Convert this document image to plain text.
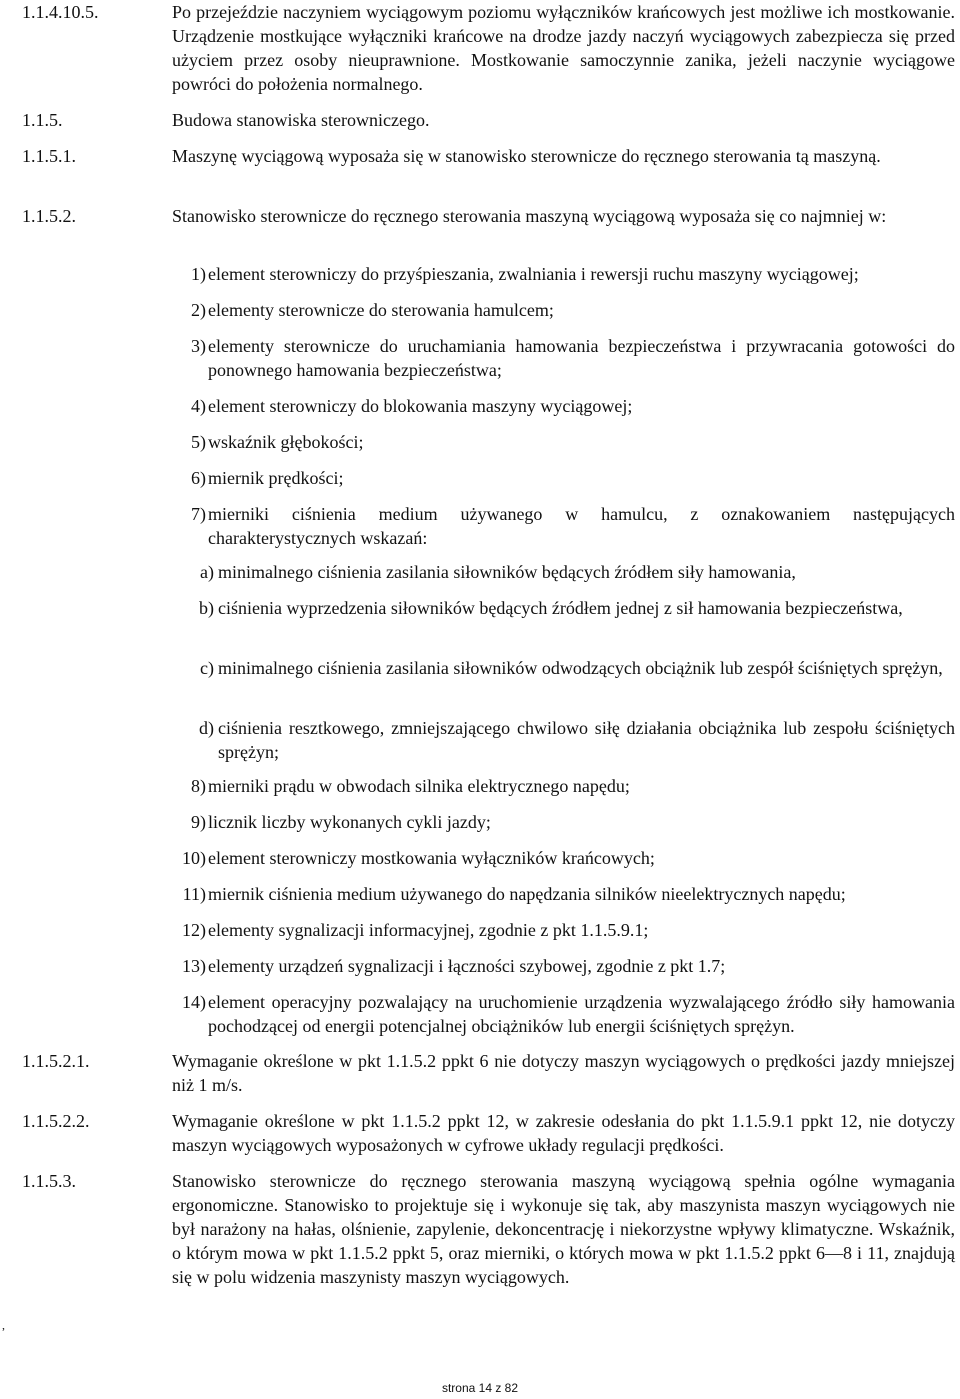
1.1.4.10.5.	Po przejeździe naczyniem wyciągowym poziomu wyłączników krańcowych jest możliwe ich mostkowanie. Urządzenie mostkujące wyłączniki krańcowe na drodze jazdy naczyń wyciągowych zabezpiecza się przed użyciem przez osoby nieuprawnione. Mostkowanie samoczynnie zanika, jeżeli naczynie wyciągowe powróci do położenia normalnego.
1.1.5.	Budowa stanowiska sterowniczego.
1.1.5.1.	Maszynę wyciągową wyposaża się w stanowisko sterownicze do ręcznego sterowania tą maszyną.
1.1.5.2.	Stanowisko sterownicze do ręcznego sterowania maszyną wyciągową wyposaża się co najmniej w:
1) element sterowniczy do przyśpieszania, zwalniania i rewersji ruchu maszyny wyciągowej;
2) elementy sterownicze do sterowania hamulcem;
3) elementy sterownicze do uruchamiania hamowania bezpieczeństwa i przywracania gotowości do ponownego hamowania bezpieczeństwa;
4) element sterowniczy do blokowania maszyny wyciągowej;
5) wskaźnik głębokości;
6) miernik prędkości;
7) mierniki ciśnienia medium używanego w hamulcu, z oznakowaniem następujących charakterystycznych wskazań:
a) minimalnego ciśnienia zasilania siłowników będących źródłem siły hamowania,
b) ciśnienia wyprzedzenia siłowników będących źródłem jednej z sił hamowania bezpieczeństwa,
c) minimalnego ciśnienia zasilania siłowników odwodzących obciążnik lub zespół ściśniętych sprężyn,
d) ciśnienia resztkowego, zmniejszającego chwilowo siłę działania obciążnika lub zespołu ściśniętych sprężyn;
8) mierniki prądu w obwodach silnika elektrycznego napędu;
9) licznik liczby wykonanych cykli jazdy;
10) element sterowniczy mostkowania wyłączników krańcowych;
11) miernik ciśnienia medium używanego do napędzania silników nieelektrycznych napędu;
12) elementy sygnalizacji informacyjnej, zgodnie z pkt 1.1.5.9.1;
13) elementy urządzeń sygnalizacji i łączności szybowej, zgodnie z pkt 1.7;
14) element operacyjny pozwalający na uruchomienie urządzenia wyzwalającego źródło siły hamowania pochodzącej od energii potencjalnej obciążników lub energii ściśniętych sprężyn.
1.1.5.2.1.	Wymaganie określone w pkt 1.1.5.2 ppkt 6 nie dotyczy maszyn wyciągowych o prędkości jazdy mniejszej niż 1 m/s.
1.1.5.2.2.	Wymaganie określone w pkt 1.1.5.2 ppkt 12, w zakresie odesłania do pkt 1.1.5.9.1 ppkt 12, nie dotyczy maszyn wyciągowych wyposażonych w cyfrowe układy regulacji prędkości.
1.1.5.3.	Stanowisko sterownicze do ręcznego sterowania maszyną wyciągową spełnia ogólne wymagania ergonomiczne. Stanowisko to projektuje się i wykonuje się tak, aby maszynista maszyn wyciągowych nie był narażony na hałas, olśnienie, zapylenie, dekoncentrację i niekorzystne wpływy klimatyczne. Wskaźnik, o którym mowa w pkt 1.1.5.2 ppkt 5, oraz mierniki, o których mowa w pkt 1.1.5.2 ppkt 6—8 i 11, znajdują się w polu widzenia maszynisty maszyn wyciągowych.
,
strona 14 z 82
